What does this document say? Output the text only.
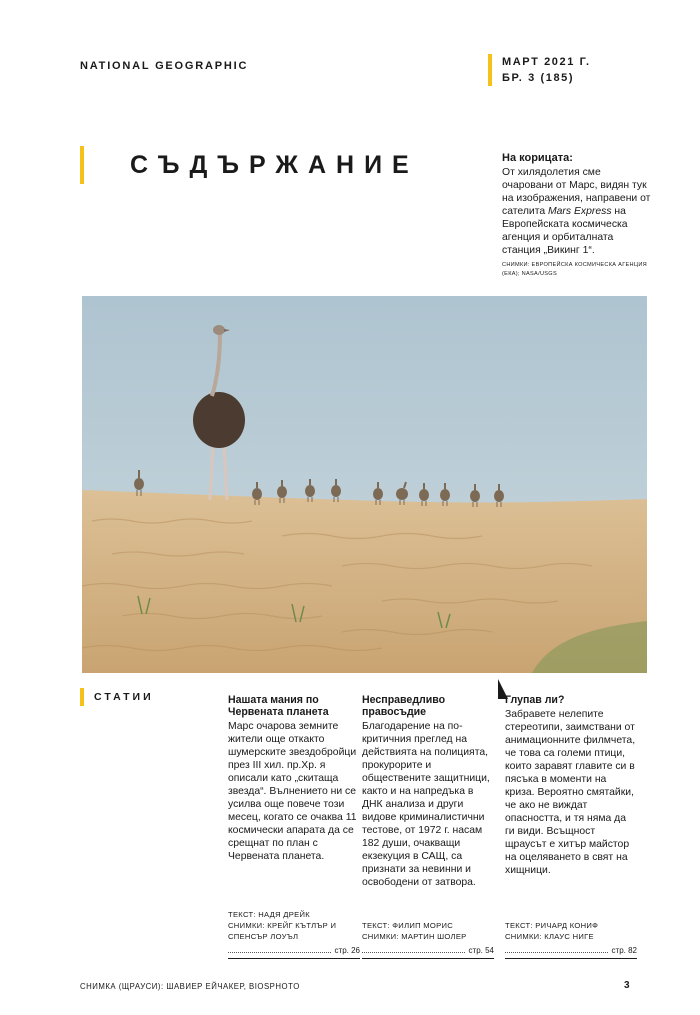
NATIONAL GEOGRAPHIC	МАРТ 2021 Г.
БР. 3 (185)
СЪДЪРЖАНИЕ	На корицата:
От хилядолетия сме очаровани от Марс, видян тук на изображения, направени от сателита Mars Express на Европейската космическа агенция и орбиталната станция „Викинг 1“.
СНИМКИ: ЕВРОПЕЙСКА КОСМИЧЕСКА АГЕНЦИЯ (ЕКА); NASA/USGS
СТАТИИ	Нашата мания по Червената планета
Марс очарова земните жители още откакто шумерските звездобройци през III хил. пр.Хр. я описали като „скитаща звезда“. Вълнението ни се усилва още повече този месец, когато се очаква 11 космически апарата да се срещнат по план с Червената планета.
ТЕКСТ: НАДЯ ДРЕЙК
СНИМКИ: КРЕЙГ КЪТЛЪР И СПЕНСЪР ЛОУЪЛ
стр. 26
Несправедливо правосъдие
Благодарение на по-критичния преглед на действията на полицията, прокурорите и обществените защитници, както и на напредъка в ДНК анализа и други видове криминалистични тестове, от 1972 г. насам 182 души, очакващи екзекуция в САЩ, са признати за невинни и освободени от затвора.
ТЕКСТ: ФИЛИП МОРИС
СНИМКИ: МАРТИН ШОЛЕР
стр. 54
Глупав ли?
Забравете нелепите стереотипи, заимствани от анимационните филмчета, че това са големи птици, които заравят главите си в пясъка в моменти на криза. Вероятно смятайки, че ако не виждат опасността, и тя няма да ги види. Всъщност щраусът е хитър майстор на оцеляването в свят на хищници.
ТЕКСТ: РИЧАРД КОНИФ
СНИМКИ: КЛАУС НИГЕ
стр. 82
СНИМКА (ЩРАУСИ): ШАВИЕР ЕЙЧАКЕР, BIOSPHOTO	3
